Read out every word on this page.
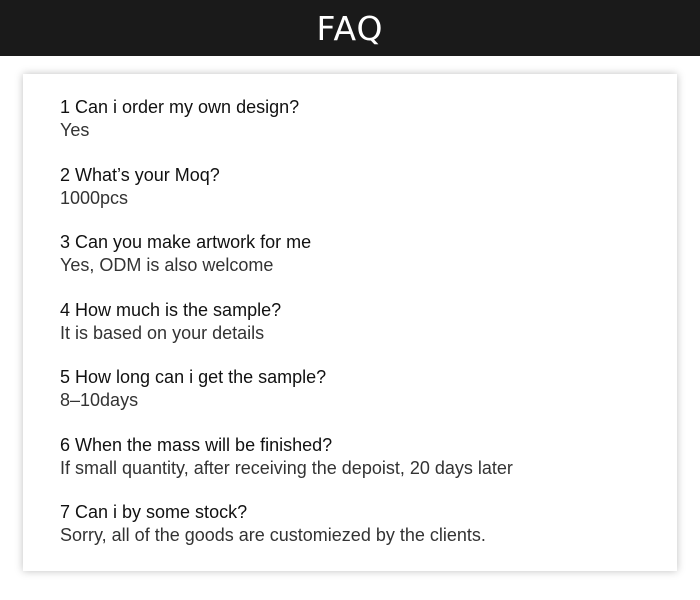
FAQ
1 Can i order my own design?
Yes
2 What’s your Moq?
1000pcs
3 Can you make artwork for me
Yes, ODM is also welcome
4 How much is the sample?
It is based on your details
5 How long can i get the sample?
8–10days
6 When the mass will be finished?
If small quantity, after receiving the depoist, 20 days later
7 Can i by some stock?
Sorry, all of the goods are customiezed by the clients.
